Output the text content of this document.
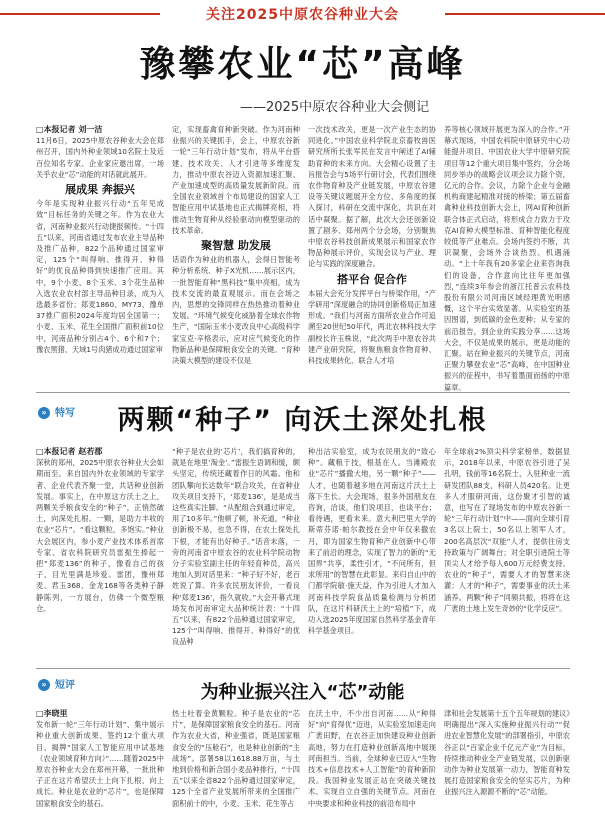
关注2025中原农谷种业大会
豫攀农业“芯”高峰
——2025中原农谷种业大会侧记
□本报记者 刘一洁
11月6日，2025中原农谷种业大会在郑州召开，国内外种业领域10名院士及近百位知名专家、企业家应邀出席，一场关乎农业“芯”动能的对话就此展开。
展成果 奔振兴
今年是实现种业振兴行动“五年见成效”目标任务的关键之年。作为农业大省，河南种业振兴行动捷报频传。“十四五”以来，河南省通过发布农业主导品种及推广品种，822个品种通过国家审定，125个“叫得响、推得开、种得好”的优良品种得到快速推广应用。其中，9个小麦、8个玉米、3个花生品种入选农业农村部主导品种目录，成为入选最多省份；郑麦1860、MY73、豫单37推广面积2024年度均居全国第一；小麦、玉米、花生全国推广面积前10位中，河南品种分别占4个、6个和7个；豫农黑猪、天域1号肉猪成功通过国家审
定，实现畜禽育种新突破。作为河南种业振兴的关键抓手，会上，中原农谷新一轮“三年行动计划”发布，将从平台搭建、技术攻关、人才引进等多维度发力，推动中原农谷迈入资源加速汇聚、产业加速成型的高质量发展新阶段。而全国农业领域首个布局建设的国家人工智能应用中试基地也正式揭牌亮相，将推动生物育种从经验驱动向模型驱动的技术革命。
聚智慧 助发展
话语作为种业的机器人，会得日智能考种分析系统、种子X光机……展示区内，一批智能育种“黑科技”集中亮相，成为技术交流的最直观展示。而在会场之内，思想的交锋同样在热热推动着种业发展。“环境气候变化威胁着全球农作物生产，“国际玉米小麦改良中心高级科学家宝克·辛格表示，应对应气候变化的作物新品种是保障粮食安全的关键。“育种决策大模型的建设不仅是
一次技术改关，更是一次产业生态的协同进化。”中国农业科学院北京畜牧兽医研究所所长张军民在发言中阐述了AI辅助育种的未来方向。大会精心设置了主旨报告会与5场平行研讨会，代表们围绕农作物育种及产业链发展，中原农谷建设等关键议题展开全方位、多角度的探入探讨，科研在交流中深化，共识在对话中凝聚。据了解，此次大会还创新设置了剧多、郑州两个分会场，分别聚焦中原农谷科技创新成果展示和国家农作物品种展示评价，实现会议与产业、理论与实践的深度融合。
搭平台 促合作
本届大会充分发挥平台与桥梁作用，“产学研用”深度融合的协同创新格局正加速形成。“我们与河南方面所农业合作可追溯至20世纪50年代，两北农林科技大学副校长许玉株说，“此次两手中原农谷共建产业研究院，将聚焦粮食作物育种、科技成果转化、联合人才培
养等核心领域开展更为深入的合作。”开幕式现场，中国农科院中原研究中心功能提升项目、中国农业大学中原研究院项目等12个重大项目集中签约，分会场同步举办的战略会议项会议力除个资，亿元的合作。会议，力除个企业与金融机构商建起精准对接的桥梁；第五届畜禽种业科技创新大会上，网AI育种创新联合体正式启动，将形成合力致力于攻克AI育种大模型标准、育种智能化程度较低等产业难点。会场内签约不断，共识凝聚，会场外合谈热烈、机遇涌动。“上十年我有20多家企业来咨询我们的设备，合作意向比往年更加强烈，”连续3年参会的浙江托普云农科技股份有限公司河南区域经理黄光明感慨，这个平台实效显著。从实验室的基因图谱，到低碳的金色麦种；从专家的前沿报告，到企业的实践分享……这场大会，不仅是成果的展示，更是动能的汇聚。站在种业振兴的关键节点，河南正聚力攀登农业“芯”高峰，在中国种业振兴的征程中，书写着墨面而扬的中原篇章。
» 特写	两颗“种子” 向沃土深处扎根
□本报记者 赵若郡
深秋的郑州，2025中原农谷种业大会如期而至。来自国内外农业领域的专家学者、企业代表齐聚一堂，共话种业创新发展。事实上，在中原这方沃土之上，两颗关乎粮食安全的“种子”，正悄然破土，向深处扎根。一颗，是助力丰收的农业“芯片”。“看这颗粒，多饱实。”种业大会展区内，参小麦产业技术体系首席专家、省农科院研究员雷振生捧起一把“郑麦136”的种子，像看自己的孩子，目光里满是珍爱。雷团，豫州郑麦、君玉368、金龙168等各类种子静静陈列，一方展台，仿佛一个微型粮仓。
“种子是农业的‘芯片’，我们搞育种的，就是在地里‘淘金’。”雷振生语调和缓，颇头坚定，传统还藏着作日的风霜。他和团队攀向长达数年“联合攻关，在省种业攻关项目支持下，‘郑麦136’，是是成当这些真实注脚。“从配组合到通过审定，用了10多年。”他顿了顿，补充道，“种业创新极不易，也急不得，在农土探处扎下根，才能有出好种子。”话音未落，一旁的河南省中原农谷的农业科学院动物分子实验室副主任的年轻育种员，高兴地加入到对话里来：“种子好不好，老百姓说了算。许多农民朋友评价，一看良种‘郑麦136’，指久就收。”大会开幕式现场发布河南审定大品种统计表：“十四五”以来，有822个品种通过国家审定，125个“叫得响、推得开、种得好”的优良品种
种出沽实验室，成为农民朋友的“致心种”。藏粮于技，根基在人。当滩殿农业“芯片”播撒大地，另一颗“种子”——人才，也随着越多地在河南这片沃土上落下生长。大会现场，很多外国朋友在咨询，洽谈，他们说项目，也谈平台；看待遇，更看未来。意大利巴里大学的斯蒂芬诺·帕尔教授在会中年仅来撒农月，即为国家生物育种产业创新中心带来了前沿的理念，实现了智力的新的“无国界”共享，柔性引才，“不问所有，但求所用”的智慧在此彰显。来归自山中的门都学院敏·施天益，作为引进人才加入河南科技学院食品质量检测与分析团队，在这片科研沃土上的“培植”下，成功入选2025年度国家自然科学基金青年科学基金项目。
年全球前2%顶尖科学家榜单。数据显示，2018年以来，中原农谷引进了吴孔明，钱前等16名院士，入驻种业一流研发团队88支，科研人员420名。让更多人才服研河南，这份聚才引智的诚意，也写在了现场发布的中原农谷新一轮“三年行动计划”中——面向全球引育3名以上院士，50名以上领军人才，200名高层次“双能”人才，提供住房支持政策与广阔舞台；对全职引进院士等顶尖人才给予每人600万元经费支持。农业的“种子”，需要人才的智慧来浇灌；人才的“种子”，需要事业的沃土来涵养。两颗“种子”同频共振，将将在这广袤的土地上发生奇妙的“化学反应”。
» 短评	为种业振兴注入“芯”动能
□李晓里
发布新一轮“三年行动计划”、集中展示种业重大创新成果、签约12个重大项目、揭牌“国家人工智能应用中试基地（农业领域育种方向）”……随着2025中原农谷种业大会在郑州开幕，一批批种子正在这片希望沃土上向下扎根、向上成长。种业是农业的“芯片”，也是保障国家粮食安全的基石。
热土吐着金黄颗粒。种子是农业的“芯片”，是保障国家粮食安全的基石。河南作为农业大省，种业强省，既是国家粮食安全的“压舱石”，也是种业创新的“主战场”。部署58以1618.88万亩，与土地到价格和新合国小麦品种排行，“十四五”以来全省822个品种通过国家审定，125个全省产业发展所带来的全国推广面积前十的中，小麦、玉米、花生等占
在沃土中，不少出自河南……从“种得好”向“育得优”迈进，从实验室加速走向广袤田野，在农谷正加快建设种业创新高地，努力在打造种业创新高地中展现河南担当。当前，全球种业已迈入“生物技术+信息技术+人工智能”的育种新阶段。我国种业发展正站在突破关键技术、实现自立自强的关键节点。河南在中央要求和种业科技的前沿布局中
津和社会发展第十五个五年规划的建议》明确提出“深入实施种业振兴行动”“促进农业智慧化发展”的部署指引，中原农谷正以“百家企业千亿元产业”为目标，持续推动种业全产业链发展，以创新驱动作为种业发展第一动力，智能育种发展打造国家粮食安全的坚实芯片，为种业振兴注入源源不断的“芯”动能。
